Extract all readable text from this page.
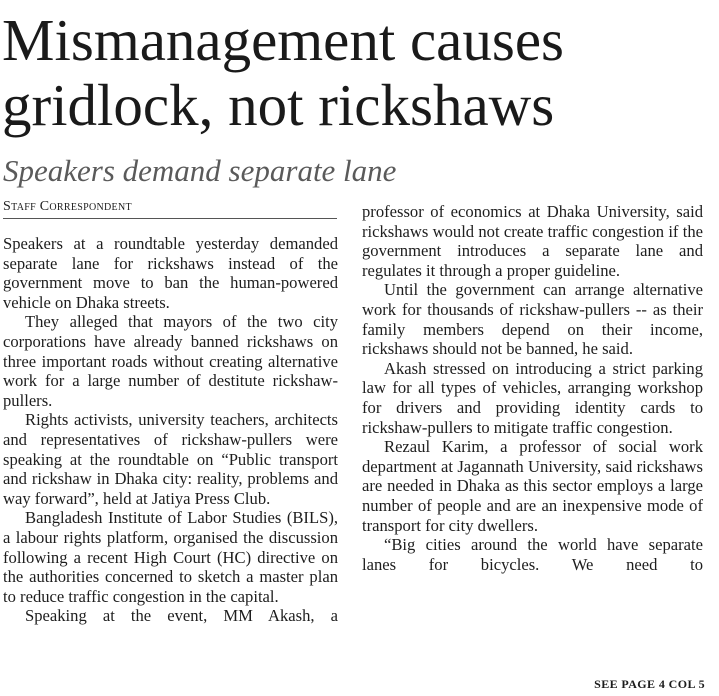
Mismanagement causes
gridlock, not rickshaws
Speakers demand separate lane
Staff Correspondent

Speakers at a roundtable yesterday demanded separate lane for rickshaws instead of the government move to ban the human-powered vehicle on Dhaka streets.

They alleged that mayors of the two city corporations have already banned rickshaws on three important roads without creating alternative work for a large number of destitute rickshaw-pullers.

Rights activists, university teachers, architects and representatives of rickshaw-pullers were speaking at the roundtable on “Public transport and rickshaw in Dhaka city: reality, problems and way forward”, held at Jatiya Press Club.

Bangladesh Institute of Labor Studies (BILS), a labour rights platform, organised the discussion following a recent High Court (HC) directive on the authorities concerned to sketch a master plan to reduce traffic congestion in the capital.

Speaking at the event, MM Akash, a

professor of economics at Dhaka University, said rickshaws would not create traffic congestion if the government introduces a separate lane and regulates it through a proper guideline.

Until the government can arrange alternative work for thousands of rickshaw-pullers -- as their family members depend on their income, rickshaws should not be banned, he said.

Akash stressed on introducing a strict parking law for all types of vehicles, arranging workshop for drivers and providing identity cards to rickshaw-pullers to mitigate traffic congestion.

Rezaul Karim, a professor of social work department at Jagannath University, said rickshaws are needed in Dhaka as this sector employs a large number of people and are an inexpensive mode of transport for city dwellers.

“Big cities around the world have separate lanes for bicycles. We need to

SEE PAGE 4 COL 5
